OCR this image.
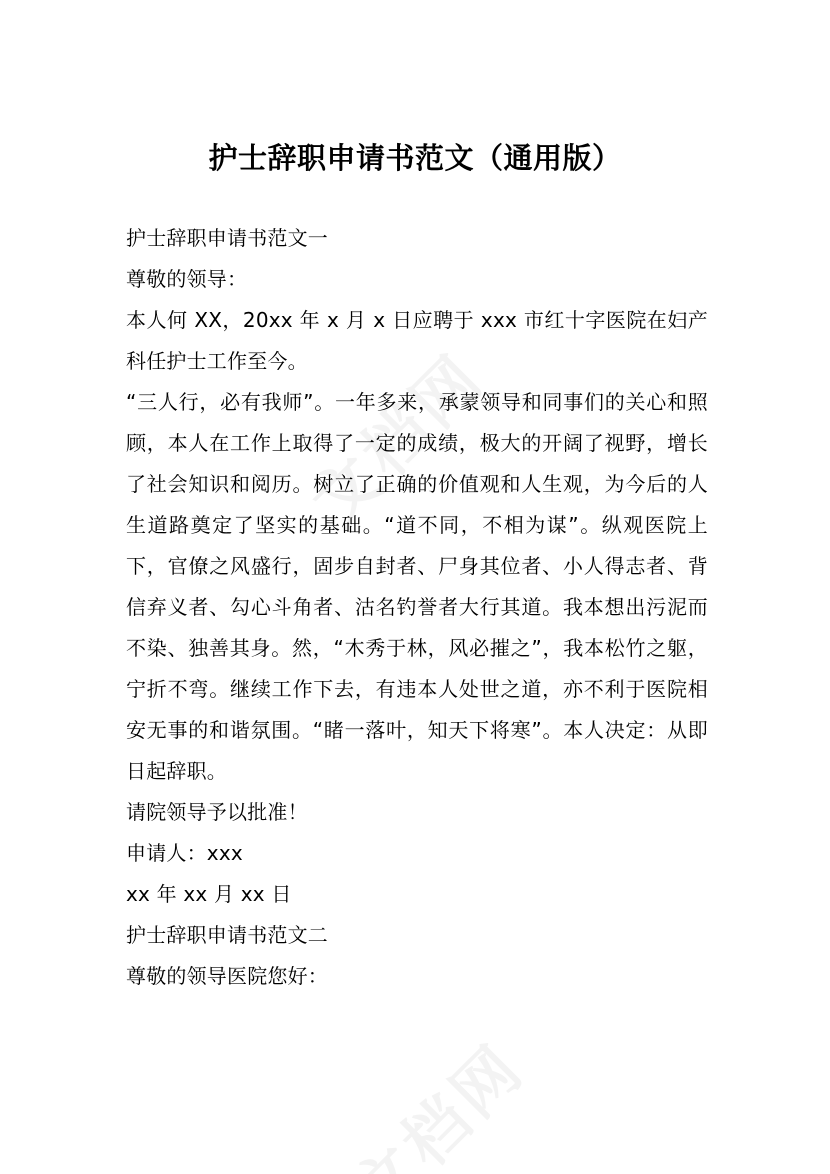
护士辞职申请书范文（通用版）

护士辞职申请书范文一

尊敬的领导：

本人何 XX，20xx 年 x 月 x 日应聘于 xxx 市红十字医院在妇产科任护士工作至今。

“三人行，必有我师”。一年多来，承蒙领导和同事们的关心和照顾，本人在工作上取得了一定的成绩，极大的开阔了视野，增长了社会知识和阅历。树立了正确的价值观和人生观，为今后的人生道路奠定了坚实的基础。“道不同，不相为谋”。纵观医院上下，官僚之风盛行，固步自封者、尸身其位者、小人得志者、背信弃义者、勾心斗角者、沽名钓誉者大行其道。我本想出污泥而不染、独善其身。然，“木秀于林，风必摧之”，我本松竹之躯，宁折不弯。继续工作下去，有违本人处世之道，亦不利于医院相安无事的和谐氛围。“睹一落叶，知天下将寒”。本人决定：从即日起辞职。

请院领导予以批准！

申请人：xxx

xx 年 xx 月 xx 日

护士辞职申请书范文二

尊敬的领导医院您好：
